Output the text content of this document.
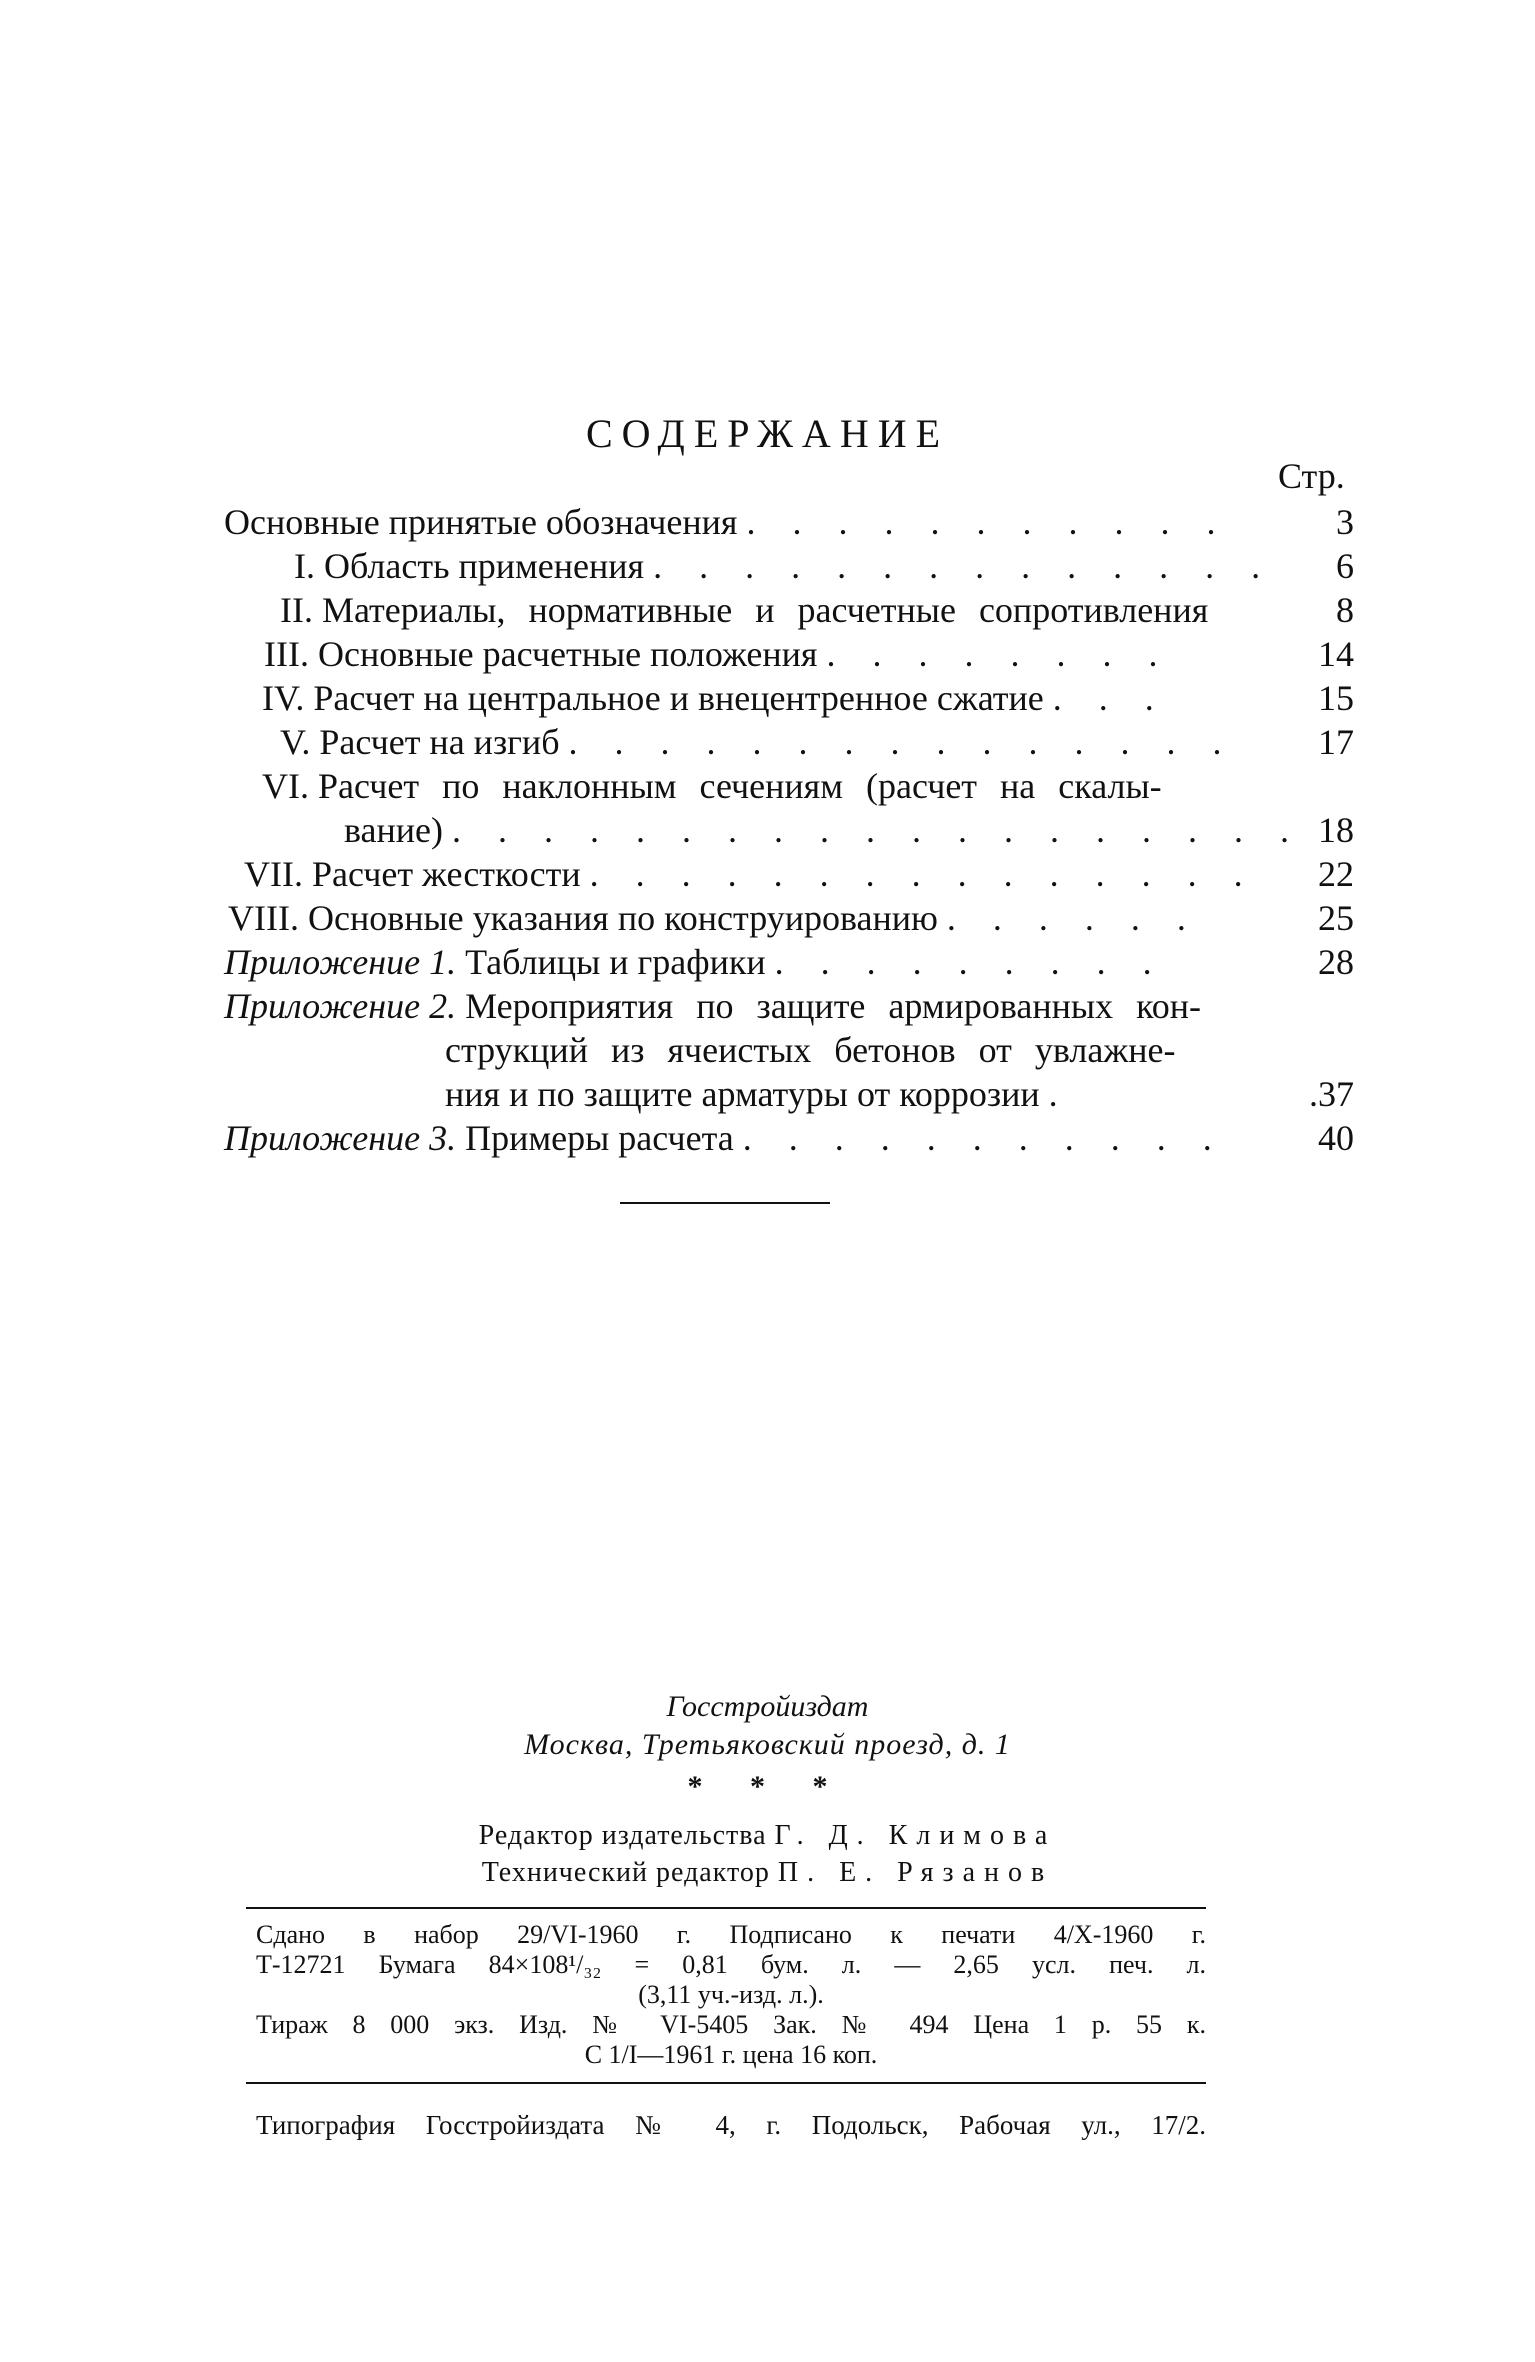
СОДЕРЖАНИЕ
Стр.
Основные принятые обозначения . . . . . . . . . . .	3
I. Область применения . . . . . . . . . . . . . . 6
II. Материалы, нормативные и расчетные сопротивления	8
III. Основные расчетные положения . . . . . . . .	14
IV. Расчет на центральное и внецентренное сжатие . . .	15
V. Расчет на изгиб . . . . . . . . . . . . . . . 17
VI. Расчет по наклонным сечениям (расчет на скалы-
вание) . . . . . . . . . . . . . . . . . . . 18
VII. Расчет жесткости . . . . . . . . . . . . . . . 22
VIII. Основные указания по конструированию . . . . . .	25
Приложение 1. Таблицы и графики . . . . . . . . .	28
Приложение 2. Мероприятия по защите армированных кон-
струкций из ячеистых бетонов от увлажне-
ния и по защите арматуры от коррозии .	.37
Приложение 3. Примеры расчета . . . . . . . . . . .	40
Госстройиздат
Москва, Третьяковский проезд, д. 1
* * *
Редактор издательства Г. Д. Климова
Технический редактор П. Е. Рязанов
Сдано в набор 29/VI-1960 г. Подписано к печати 4/X-1960 г.
Т-12721 Бумага 84×108¹/₃₂ = 0,81 бум. л. — 2,65 усл. печ. л.
(3,11 уч.-изд. л.).
Тираж 8 000 экз. Изд. № VI-5405 Зак. № 494 Цена 1 р. 55 к.
С 1/I—1961 г. цена 16 коп.
Типография Госстройиздата № 4, г. Подольск, Рабочая ул., 17/2.
